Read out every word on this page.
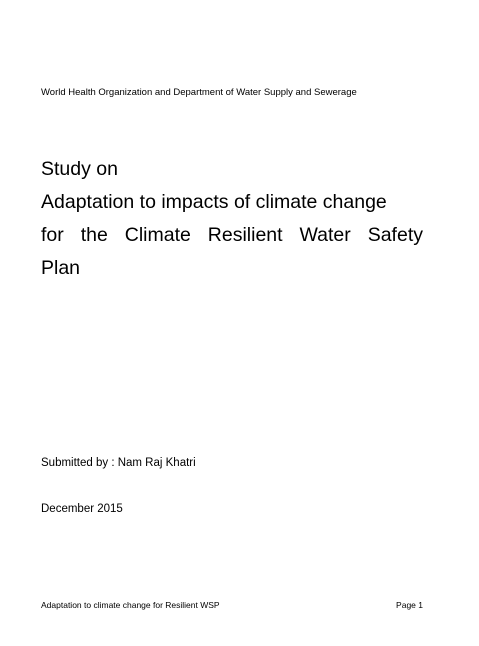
World Health Organization and Department of Water Supply and Sewerage
Study on
Adaptation to impacts of climate change
for the Climate Resilient Water Safety
Plan
Submitted by : Nam Raj Khatri
December 2015
Adaptation to climate change for Resilient WSP	Page 1
